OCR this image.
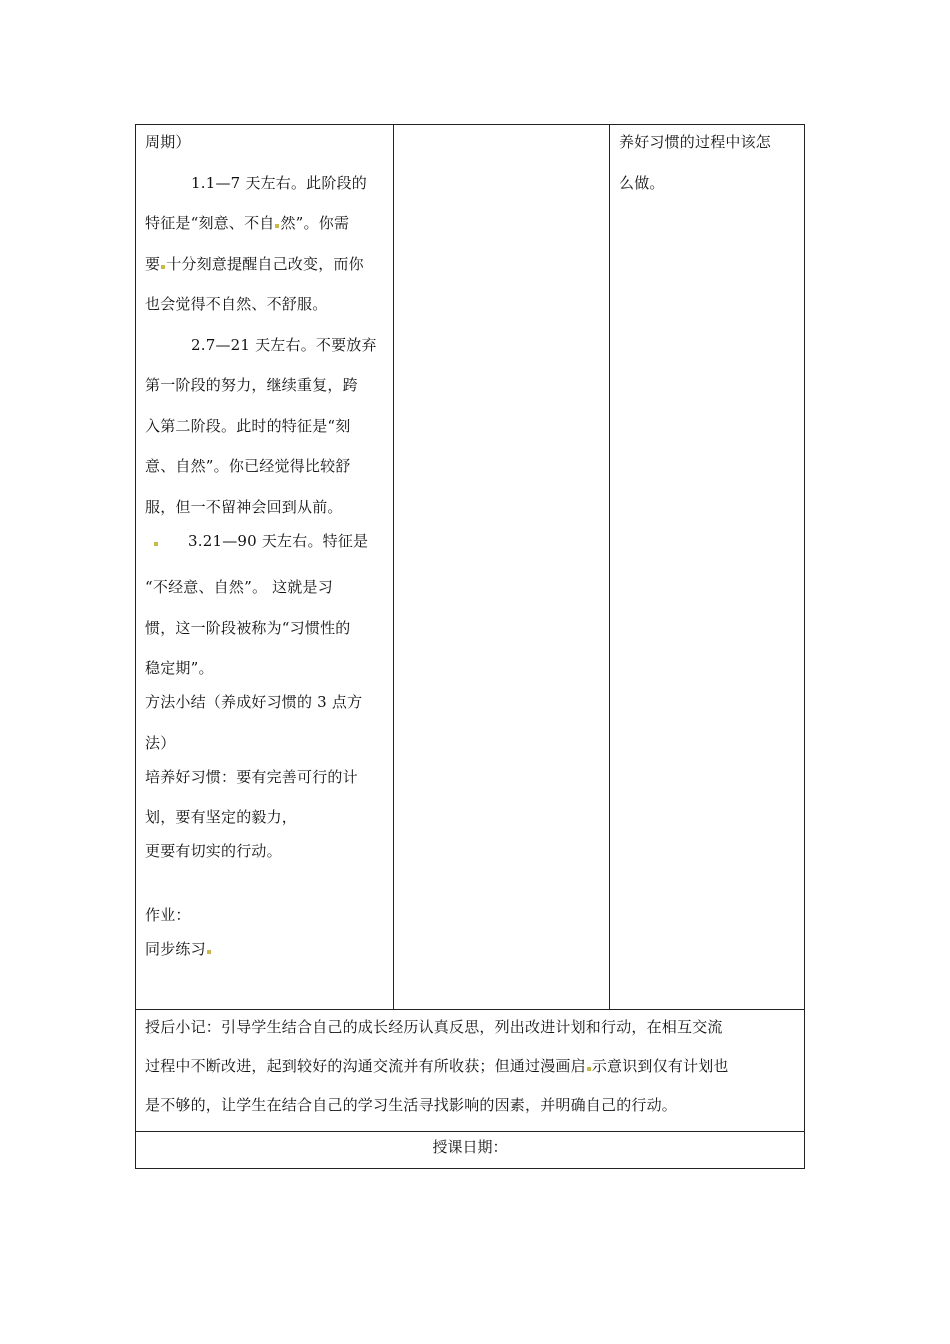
周期）
1.1—7 天左右。此阶段的
特征是“刻意、不自 然”。你需
要 十分刻意提醒自己改变，而你
也会觉得不自然、不舒服。
2.7—21 天左右。不要放弃
第一阶段的努力，继续重复，跨
入第二阶段。此时的特征是“刻
意、自然”。你已经觉得比较舒
服，但一不留神会回到从前。
3.21—90 天左右。特征是
“不经意、自然”。 这就是习
惯，这一阶段被称为“习惯性的
稳定期”。
方法小结（养成好习惯的 3 点方
法）
培养好习惯：要有完善可行的计
划，要有坚定的毅力，
更要有切实的行动。
作业：
同步练习
养好习惯的过程中该怎
么做。
授后小记：引导学生结合自己的成长经历认真反思，列出改进计划和行动，在相互交流
过程中不断改进，起到较好的沟通交流并有所收获；但通过漫画启 示意识到仅有计划也
是不够的，让学生在结合自己的学习生活寻找影响的因素，并明确自己的行动。
授课日期：
